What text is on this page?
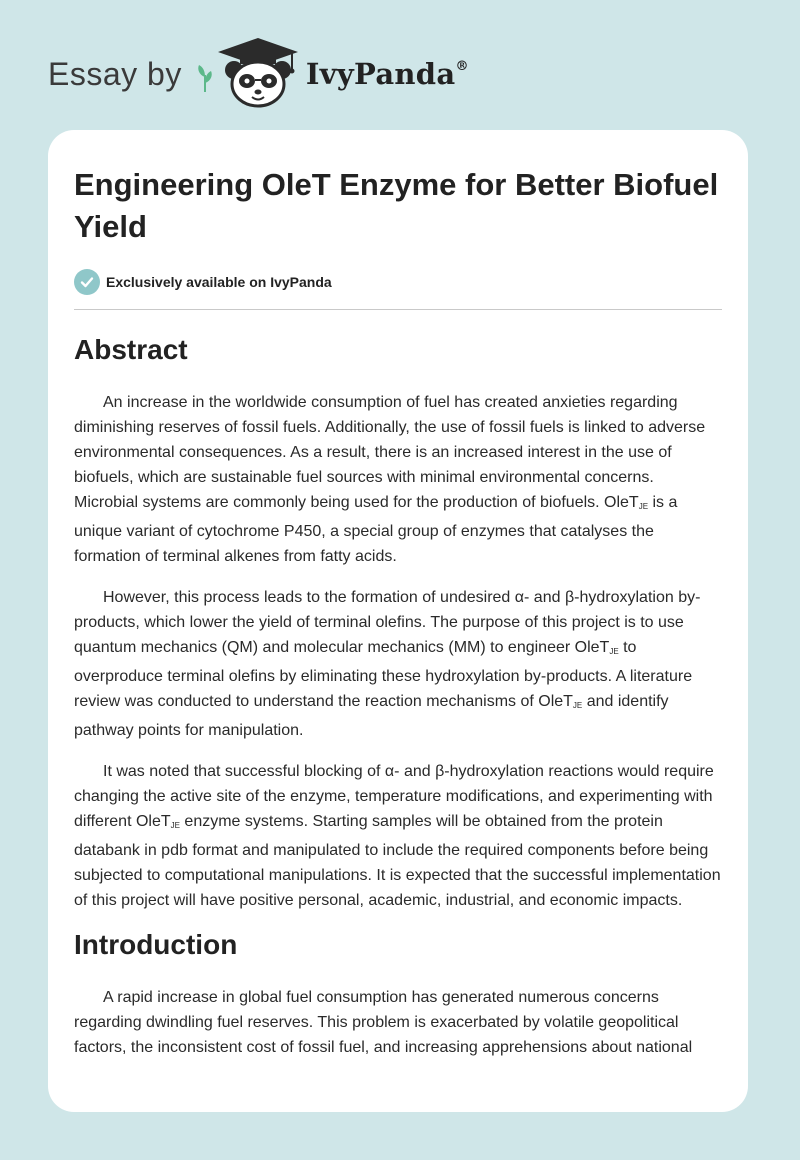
Essay by	IvyPanda®
Engineering OleT Enzyme for Better Biofuel Yield
Exclusively available on IvyPanda
Abstract

An increase in the worldwide consumption of fuel has created anxieties regarding diminishing reserves of fossil fuels. Additionally, the use of fossil fuels is linked to adverse environmental consequences. As a result, there is an increased interest in the use of biofuels, which are sustainable fuel sources with minimal environmental concerns. Microbial systems are commonly being used for the production of biofuels. OleT$_{JE}$ is a unique variant of cytochrome P450, a special group of enzymes that catalyses the formation of terminal alkenes from fatty acids.

However, this process leads to the formation of undesired α- and β-hydroxylation by-products, which lower the yield of terminal olefins. The purpose of this project is to use quantum mechanics (QM) and molecular mechanics (MM) to engineer OleT$_{JE}$ to overproduce terminal olefins by eliminating these hydroxylation by-products. A literature review was conducted to understand the reaction mechanisms of OleT$_{JE}$ and identify pathway points for manipulation.

It was noted that successful blocking of α- and β-hydroxylation reactions would require changing the active site of the enzyme, temperature modifications, and experimenting with different OleT$_{JE}$ enzyme systems. Starting samples will be obtained from the protein databank in pdb format and manipulated to include the required components before being subjected to computational manipulations. It is expected that the successful implementation of this project will have positive personal, academic, industrial, and economic impacts.

Introduction

A rapid increase in global fuel consumption has generated numerous concerns regarding dwindling fuel reserves. This problem is exacerbated by volatile geopolitical factors, the inconsistent cost of fossil fuel, and increasing apprehensions about national
